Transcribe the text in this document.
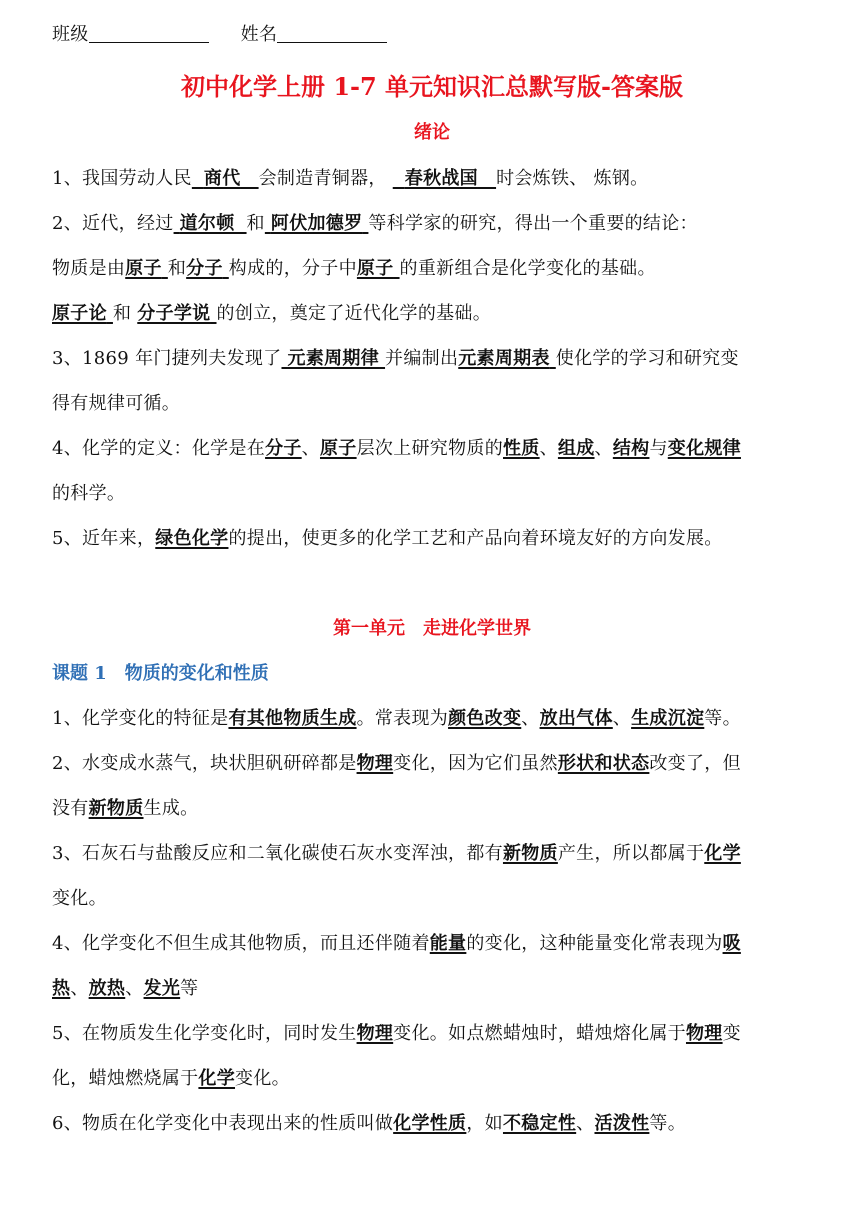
班级	姓名
初中化学上册 1-7 单元知识汇总默写版-答案版
绪论
1、我国劳动人民 商代 会制造青铜器， 春秋战国 时会炼铁、 炼钢。
2、近代，经过 道尔顿 和 阿伏加德罗 等科学家的研究，得出一个重要的结论：
物质是由原子 和分子 构成的，分子中原子 的重新组合是化学变化的基础。
原子论 和 分子学说 的创立，奠定了近代化学的基础。
3、1869 年门捷列夫发现了 元素周期律 并编制出元素周期表 使化学的学习和研究变
得有规律可循。
4、化学的定义：化学是在分子、原子层次上研究物质的性质、组成、结构与变化规律
的科学。
5、近年来，绿色化学的提出，使更多的化学工艺和产品向着环境友好的方向发展。
第一单元　走进化学世界
课题 1　物质的变化和性质
1、化学变化的特征是有其他物质生成。常表现为颜色改变、放出气体、生成沉淀等。
2、水变成水蒸气，块状胆矾研碎都是物理变化，因为它们虽然形状和状态改变了，但
没有新物质生成。
3、石灰石与盐酸反应和二氧化碳使石灰水变浑浊，都有新物质产生，所以都属于化学
变化。
4、化学变化不但生成其他物质，而且还伴随着能量的变化，这种能量变化常表现为吸
热、放热、发光等
5、在物质发生化学变化时，同时发生物理变化。如点燃蜡烛时，蜡烛熔化属于物理变
化，蜡烛燃烧属于化学变化。
6、物质在化学变化中表现出来的性质叫做化学性质，如不稳定性、活泼性等。
